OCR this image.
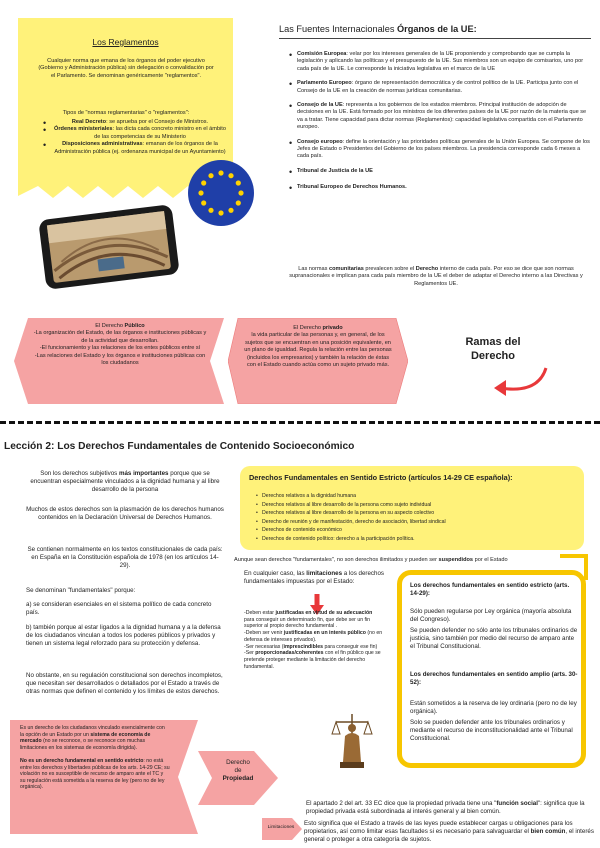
Los Reglamentos
Cualquier norma que emana de los órganos del poder ejecutivo (Gobierno y Administración pública) sin delegación o convalidación por el Parlamento. Se denominan genéricamente "reglamentos".
Tipos de "normas reglamentarias" o "reglamentos":
• Real Decreto: se aprueba por el Consejo de Ministros.
• Órdenes ministeriales: las dicta cada concreto ministro en el ámbito de las competencias de su Ministerio
• Disposiciones administrativas: emanan de los órganos de la Administración pública (ej. ordenanza municipal de un Ayuntamiento)
Las Fuentes Internacionales Órganos de la UE:
• Comisión Europea: velar por los intereses generales de la UE proponiendo y comprobando que se cumpla la legislación y aplicando las políticas y el presupuesto de la UE. Sus miembros son un equipo de comisarios, uno por cada país de la UE. Le corresponde la iniciativa legislativa en el marco de la UE
• Parlamento Europeo: órgano de representación democrática y de control político de la UE. Participa junto con el Consejo de la UE en la creación de normas jurídicas comunitarias.
• Consejo de la UE: representa a los gobiernos de los estados miembros. Principal institución de adopción de decisiones en la UE. Está formado por los ministros de los diferentes países de la UE por razón de la materia que se va a tratar. Tiene capacidad para dictar normas (Reglamentos): capacidad legislativa compartida con el Parlamento europeo.
• Consejo europeo: define la orientación y las prioridades políticas generales de la Unión Europea. Se compone de los Jefes de Estado o Presidentes del Gobierno de los países miembros. La presidencia corresponde cada 6 meses a cada país.
• Tribunal de Justicia de la UE
• Tribunal Europeo de Derechos Humanos.
Las normas comunitarias prevalecen sobre el Derecho interno de cada país. Por eso se dice que son normas supranacionales e implican para cada país miembro de la UE el deber de adaptar el Derecho interno a las Directivas y Reglamentos UE.
El Derecho Público
-La organización del Estado, de las órganos e instituciones públicas y de la actividad que desarrollan.
-El funcionamiento y las relaciones de los entes públicos entre sí
-Las relaciones del Estado y los órganos e instituciones públicas con los ciudadanos
El Derecho privado
la vida particular de las personas y, en general, de los sujetos que se encuentran en una posición equivalente, en un plano de igualdad. Regula la relación entre las personas (incluidos los empresarios) y también la relación de éstas con el Estado cuando actúa como un sujeto privado más.
Ramas del
Derecho
Lección 2: Los Derechos Fundamentales de Contenido Socioeconómico
Son los derechos subjetivos más importantes porque que se encuentran especialmente vinculados a la dignidad humana y al libre desarrollo de la persona
Muchos de estos derechos son la plasmación de los derechos humanos contenidos en la Declaración Universal de Derechos Humanos.
Se contienen normalmente en los textos constitucionales de cada país: en España en la Constitución española de 1978 (en los artículos 14-29).
Se denominan "fundamentales" porque:
a) se consideran esenciales en el sistema político de cada concreto país.
b) también porque al estar ligados a la dignidad humana y a la defensa de los ciudadanos vinculan a todos los poderes públicos y privados y tienen un sistema legal reforzado para su protección y defensa.
No obstante, en su regulación constitucional son derechos incompletos, que necesitan ser desarrollados o detallados por el Estado a través de otras normas que definen el contenido y los límites de estos derechos.
Derechos Fundamentales en Sentido Estricto (artículos 14-29 CE española):
• Derechos relativos a la dignidad humana
• Derechos relativos al libre desarrollo de la persona como sujeto individual
• Derechos relativos al libre desarrollo de la persona en su aspecto colectivo
• Derecho de reunión y de manifestación, derecho de asociación, libertad sindical
• Derechos de contenido económico
• Derechos de contenido político: derecho a la participación política.
Aunque sean derechos "fundamentales", no son derechos ilimitados y pueden ser suspendidos por el Estado
En cualquier caso, las limitaciones a los derechos fundamentales impuestas por el Estado:
-Deben estar justificadas en virtud de su adecuación para conseguir un determinado fin, que debe ser un fin superior al propio derecho fundamental .
-Deben ser venir justificadas en un interés público (no en defensa de intereses privados).
-Ser necesarias (imprescindibles para conseguir ese fin)
-Ser proporcionadas/coherentes con el fin público que se pretende proteger mediante la limitación del derecho fundamental.
Los derechos fundamentales en sentido estricto (arts. 14-29):
Sólo pueden regularse por Ley orgánica (mayoría absoluta del Congreso).
Se pueden defender no sólo ante los tribunales ordinarios de justicia, sino también por medio del recurso de amparo ante el Tribunal Constitucional.
Los derechos fundamentales en sentido amplio (arts. 30-52):
Están sometidos a la reserva de ley ordinaria (pero no de ley orgánica).
Solo se pueden defender ante los tribunales ordinarios y mediante el recurso de inconstitucionalidad ante el Tribunal Constitucional.
Es un derecho de los ciudadanos vinculado esencialmente con la opción de un Estado por un sistema de economía de mercado (no se reconoce, o se reconoce con muchas limitaciones en los sistemas de economía dirigida).
No es un derecho fundamental en sentido estricto: no está entre los derechos y libertades públicas de los arts. 14-29 CE; su violación no es susceptible de recurso de amparo ante el TC y su regulación está sometida a la reserva de ley (pero no de ley orgánica).
Derecho
de
Propiedad
Limitaciones
El apartado 2 del art. 33 EC dice que la propiedad privada tiene una "función social": significa que la propiedad privada está subordinada al interés general y al bien común.
Esto significa que el Estado a través de las leyes puede establecer cargas u obligaciones para los propietarios, así como limitar esas facultades si es necesario para salvaguardar el bien común, el interés general o proteger a otra categoría de sujetos.
